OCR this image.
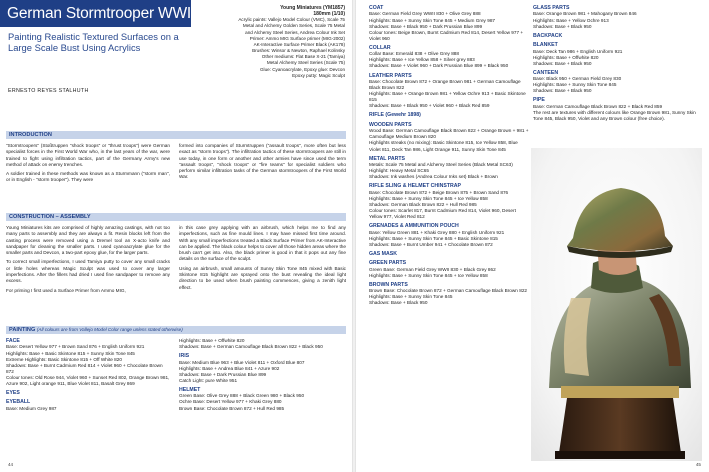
German Stormtrooper WWI
Painting Realistic Textured Surfaces on a Large Scale Bust Using Acrylics
ERNESTO REYES STALHUTH
Young Miniatures (YM1857)
180mm (1/10)
Acrylic paints: Vallejo Model Colour (VMC), Scale 75
Metal and Alchemy Golden Series, Scale 75 Metal
and Alchemy Steel Series, Andrea Colour Ink Set
Primer: Ammo MIG Surface primer (MIG-2002)
AK-Interactive Surface Primer Black (AK178)
Brushes: Winsor & Newton, Raphael Kolinsky
Other mediums: Flat Base X-21 (Tamiya)
Metal Alchemy Steel Series (Scale 75)
Glue: Cyanoacrylate, Epoxy glue: Devcon
Epoxy putty: Magic Sculpt
INTRODUCTION

"Stormtroopers" (Stoßtruppen "shock troops" or "thrust troops") were German specialist forces in the First World War who, in the last years of the war, were trained to fight using infiltration tactics, part of the Germany Army's new method of attack on enemy trenches.

A soldier trained in these methods was known as a Sturmmann ("storm man", or in English - "storm trooper"). They were

formed into companies of Sturmtruppen ("assault troops", more often but less exact as "storm troops"). The infiltration tactics of these stormtroopers are still in use today, in one form or another and other armies have since used the term "assault troops", "shock troops" or "fire teams" for specialist soldiers who perform similar infiltration tasks of the German stormtroopers of the First World War.

CONSTRUCTION – ASSEMBLY

Young Miniatures kits are comprised of highly amazing castings, with not too many parts to assembly and they are always a fit. Resin blocks left from the casting process were removed using a Dremel tool an X-acto knife and sandpaper for cleaning the smaller parts. I used cyanoacrylate glue for the smaller parts and Devcon, a two-part epoxy glue, for the larger parts.

To correct small imperfections, I used Tamiya putty to cover any small cracks or little holes whereas Magic Sculpt was used to cover any larger imperfections. After the fillers had dried I used fine sandpaper to remove any excess.

For priming I first used a Surface Primer from Ammo MIG,

in this case grey applying with an airbrush, which helps me to find any imperfections, such as fine mould lines. I may have missed first time around. With any small imperfections treated a Black Surface Primer from AK-Interactive can be applied. The black colour helps to cover all those hidden areas where the brush can't get into. Also, the black primer is good in that it pops out any fine details on the surface of the sculpt.

Using an airbrush, small amounts of Sunny Skin Tone 845 mixed with Basic Skintone 815 highlight are sprayed onto the bust revealing the ideal light direction to be used when brush painting commences, giving a zenith light effect.

PAINTING (All colours are from Vallejo Model Color range unless stated otherwise)
FACE
Base: Desert Yellow 977 + Brown Sand 876 + English Uniform 921
Highlights: Base + Basic Skintone 815 + Sunny Skin Tone 845
Extreme Highlights: Basic Skintone 815 + Off White 820
Shadows: Base + Burnt Cadmium Red 814 + Violet 960 + Chocolate Brown 872
Colour tones: Old Rose 944, Violet 960 + Sunset Red 802, Orange Brown 981, Azure 902, Light orange 911, Blue Violet 811, Basalt Grey 869
EYES
EYEBALL
Base: Medium Grey 987
Highlights: Base + Offwhite 820
Shadows: Base + German Camouflage Black Brown 822 + Black 950
IRIS
Base: Medium Blue 963 + Blue Violet 811 + Oxford Blue 807
Highlights: Base + Andrea Blue 841 + Azure 902
Shadows: Base + Dark Prussian Blue 899
Catch Light: pure White 951
HELMET
Green Base: Olive Grey 888 + Black Green 980 + Black 950
Ochre Base: Desert Yellow 977 + Khaki Grey 880
Brown Base: Chocolate Brown 872 + Hull Red 985
44
COAT
Base: German Field Grey WWII 830 + Olive Grey 888
Highlights: Base + Sunny Skin Tone 845 + Medium Grey 987
Shadows: Base + Black 950 + Dark Prussian Blue 899
Colour tones: Beige Brown, Burnt Cadmium Red 814, Desert Yellow 977 + Violet 960
COLLAR
Collar Base: Emerald 838 + Olive Grey 888
Highlights: Base + Ice Yellow 858 + Silver grey 883
Shadows: Base + Violet 960 + Dark Prussian Blue 899 + Black 950
LEATHER PARTS
Base: Chocolate Brown 872 + Orange Brown 981 + German Camouflage Black Brown 822
Highlights: Base + Orange Brown 981 + Yellow Ochre 913 + Basic Skintone 815
Shadows: Base + Black 950 + Violet 960 + Black Red 859
RIFLE (Gewehr 1898)
WOODEN PARTS
Wood Base: German Camouflage Black Brown 822 + Orange Brown + 981 + Camouflage Medium Brown 820
Highlights streaks (no mixing): Basic Skintone 815, Ice Yellow 858, Blue Violet 811, Deck Tan 986, Light Orange 911, Sunny Skin Tone 845
METAL PARTS
Metals: Scale 75 Metal and Alchemy Steel Series (Black Metal SC63)
Highlight: Heavy Metal SC65
Shadows: Ink washes (Andrea Colour Inks set) Black + Brown
RIFLE SLING & HELMET CHINSTRAP
Base: Chocolate Brown 872 + Beige Brown 875 + Brown Sand 876
Highlights: Base + Sunny Skin Tone 845 + Ice Yellow 858
Shadows: German Black Brown 822 + Hull Red 985
Colour tones: Scarlet 817, Burnt Cadmium Red 814, Violet 960, Desert Yellow 977, Violet Red 812
GRENADES & AMMUNITION POUCH
Base: Yellow Green 881 + Khaki Grey 880 + English Uniform 921
Highlights: Base + Sunny Skin Tone 845 + Basic Skintone 815
Shadows: Base + Burnt Umber 941 + Chocolate Brown 872
GAS MASK
GREEN PARTS
Green Base: German Field Grey WWII 830 + Black Grey 862
Highlights: Base + Sunny Skin Tone 845 + Ice Yellow 858
BROWN PARTS
Brown Base: Chocolate Brown 872 + German Camouflage Black Brown 822
Highlights: Base + Sunny Skin Tone 845
Shadows: Base + Black 950
GLASS PARTS
Base: Orange Brown 981 + Mahogany Brown 846
Highlights: Base + Yellow Ochre 913
Shadows: Base + Black 950
BACKPACK
BLANKET
Base: Deck Tan 986 + English Uniform 921
Highlights: Base + Offwhite 820
Shadows: Base + Black 950
CANTEEN
Base: Black 950 + German Field Grey 830
Highlights: Base + Sunny Skin Tone 845
Shadows: Base + Black 950
PIPE
Base: German Camouflage Black Brown 822 + Black Red 859
The rest are textures with different colours like Orange Brown 981, Sunny Skin Tone 845, Black 950, Violet and any Brown colour (free choice).
45
